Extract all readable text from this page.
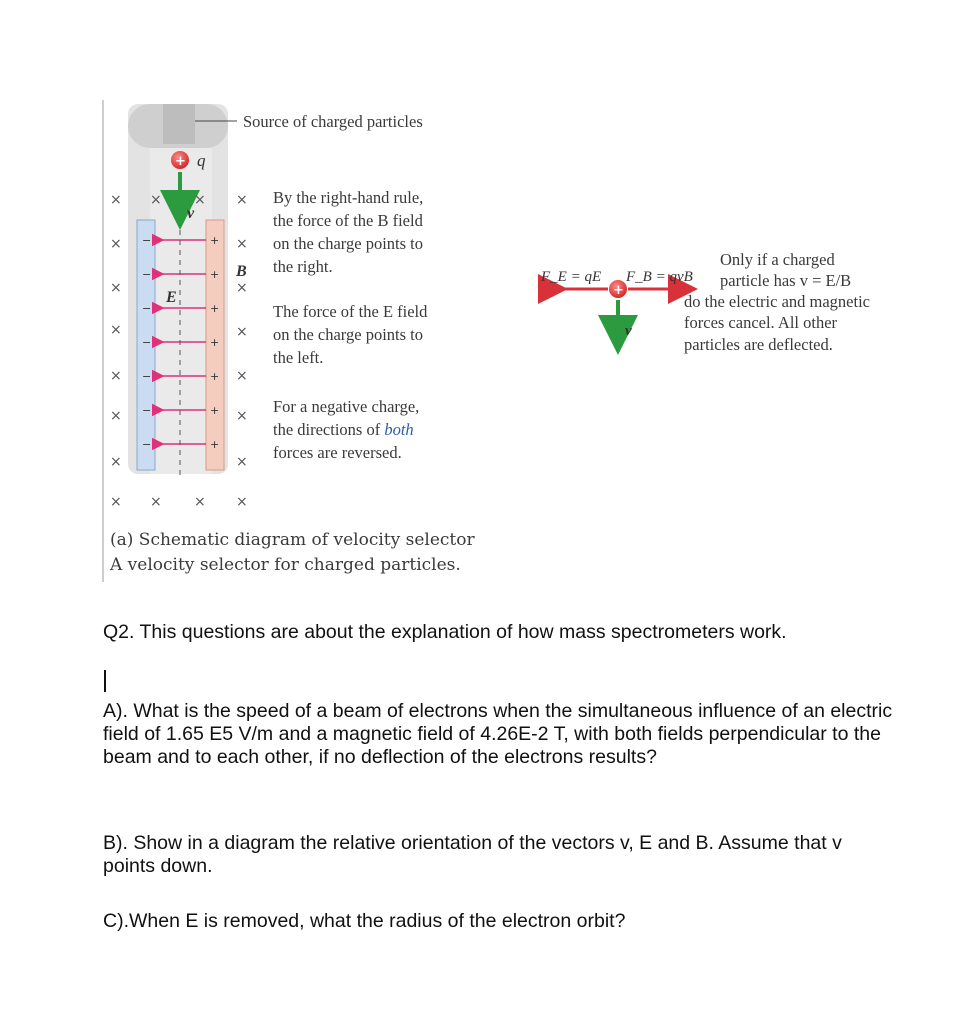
Source of charged particles
−
−
−
−
−
−
−
+
+
+
+
+
+
+
+ q
v
E
B
× × × ×
×	×
×	×
×	×
×	×
×	×
×	×
× × × ×
By the right-hand rule,
the force of the B field
on the charge points to
the right.
The force of the E field
on the charge points to
the left.
For a negative charge,
the directions of both
forces are reversed.
(a) Schematic diagram of velocity selector
A velocity selector for charged particles.
+
v
F_E = qE F_B = qvB
Only if a charged
particle has v = E/B
do the electric and magnetic
forces cancel. All other
particles are deflected.
Q2. This questions are about the explanation of how mass spectrometers work.
A). What is the speed of a beam of electrons when the simultaneous influence of an electric field of 1.65 E5 V/m and a magnetic field of 4.26E-2 T, with both fields perpendicular to the beam and to each other, if no deflection of the electrons results?
B). Show in a diagram the relative orientation of the vectors v, E and B. Assume that v points down.
C).When E is removed, what the radius of the electron orbit?
